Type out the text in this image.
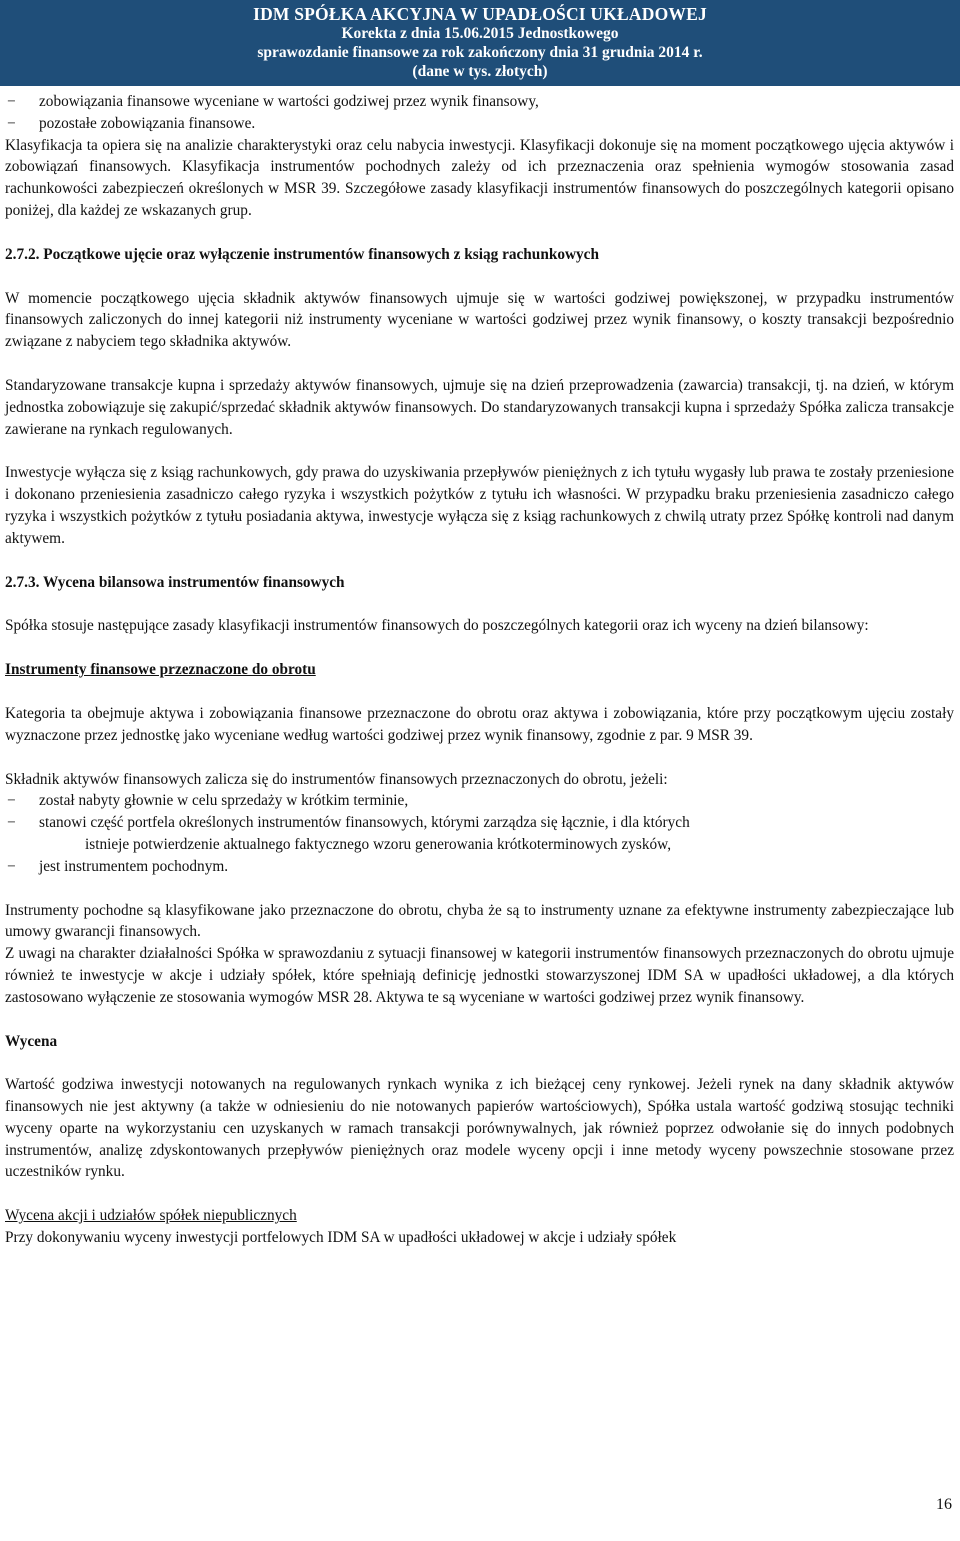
IDM SPÓŁKA AKCYJNA W UPADŁOŚCI UKŁADOWEJ
Korekta z dnia 15.06.2015 Jednostkowego
sprawozdanie finansowe za rok zakończony dnia 31 grudnia 2014 r.
(dane w tys. złotych)
−	zobowiązania finansowe wyceniane w wartości godziwej przez wynik finansowy,
−	pozostałe zobowiązania finansowe.

Klasyfikacja ta opiera się na analizie charakterystyki oraz celu nabycia inwestycji. Klasyfikacji dokonuje się na moment początkowego ujęcia aktywów i zobowiązań finansowych. Klasyfikacja instrumentów pochodnych zależy od ich przeznaczenia oraz spełnienia wymogów stosowania zasad rachunkowości zabezpieczeń określonych w MSR 39. Szczegółowe zasady klasyfikacji instrumentów finansowych do poszczególnych kategorii opisano poniżej, dla każdej ze wskazanych grup.

2.7.2. Początkowe ujęcie oraz wyłączenie instrumentów finansowych z ksiąg rachunkowych

W momencie początkowego ujęcia składnik aktywów finansowych ujmuje się w wartości godziwej powiększonej, w przypadku instrumentów finansowych zaliczonych do innej kategorii niż instrumenty wyceniane w wartości godziwej przez wynik finansowy, o koszty transakcji bezpośrednio związane z nabyciem tego składnika aktywów.

Standaryzowane transakcje kupna i sprzedaży aktywów finansowych, ujmuje się na dzień przeprowadzenia (zawarcia) transakcji, tj. na dzień, w którym jednostka zobowiązuje się zakupić/sprzedać składnik aktywów finansowych. Do standaryzowanych transakcji kupna i sprzedaży Spółka zalicza transakcje zawierane na rynkach regulowanych.

Inwestycje wyłącza się z ksiąg rachunkowych, gdy prawa do uzyskiwania przepływów pieniężnych z ich tytułu wygasły lub prawa te zostały przeniesione i dokonano przeniesienia zasadniczo całego ryzyka i wszystkich pożytków z tytułu ich własności. W przypadku braku przeniesienia zasadniczo całego ryzyka i wszystkich pożytków z tytułu posiadania aktywa, inwestycje wyłącza się z ksiąg rachunkowych z chwilą utraty przez Spółkę kontroli nad danym aktywem.

2.7.3. Wycena bilansowa instrumentów finansowych

Spółka stosuje następujące zasady klasyfikacji instrumentów finansowych do poszczególnych kategorii oraz ich wyceny na dzień bilansowy:

Instrumenty finansowe przeznaczone do obrotu

Kategoria ta obejmuje aktywa i zobowiązania finansowe przeznaczone do obrotu oraz aktywa i zobowiązania, które przy początkowym ujęciu zostały wyznaczone przez jednostkę jako wyceniane według wartości godziwej przez wynik finansowy, zgodnie z par. 9 MSR 39.

Składnik aktywów finansowych zalicza się do instrumentów finansowych przeznaczonych do obrotu, jeżeli:

−	został nabyty głownie w celu sprzedaży w krótkim terminie,
−	stanowi część portfela określonych instrumentów finansowych, którymi zarządza się łącznie, i dla których
istnieje potwierdzenie aktualnego faktycznego wzoru generowania krótkoterminowych zysków,
−	jest instrumentem pochodnym.

Instrumenty pochodne są klasyfikowane jako przeznaczone do obrotu, chyba że są to instrumenty uznane za efektywne instrumenty zabezpieczające lub umowy gwarancji finansowych.

Z uwagi na charakter działalności Spółka w sprawozdaniu z sytuacji finansowej w kategorii instrumentów finansowych przeznaczonych do obrotu ujmuje również te inwestycje w akcje i udziały spółek, które spełniają definicję jednostki stowarzyszonej IDM SA w upadłości układowej, a dla których zastosowano wyłączenie ze stosowania wymogów MSR 28. Aktywa te są wyceniane w wartości godziwej przez wynik finansowy.

Wycena

Wartość godziwa inwestycji notowanych na regulowanych rynkach wynika z ich bieżącej ceny rynkowej. Jeżeli rynek na dany składnik aktywów finansowych nie jest aktywny (a także w odniesieniu do nie notowanych papierów wartościowych), Spółka ustala wartość godziwą stosując techniki wyceny oparte na wykorzystaniu cen uzyskanych w ramach transakcji porównywalnych, jak również poprzez odwołanie się do innych podobnych instrumentów, analizę zdyskontowanych przepływów pieniężnych oraz modele wyceny opcji i inne metody wyceny powszechnie stosowane przez uczestników rynku.

Wycena akcji i udziałów spółek niepublicznych

Przy dokonywaniu wyceny inwestycji portfelowych IDM SA w upadłości układowej w akcje i udziały spółek

16
